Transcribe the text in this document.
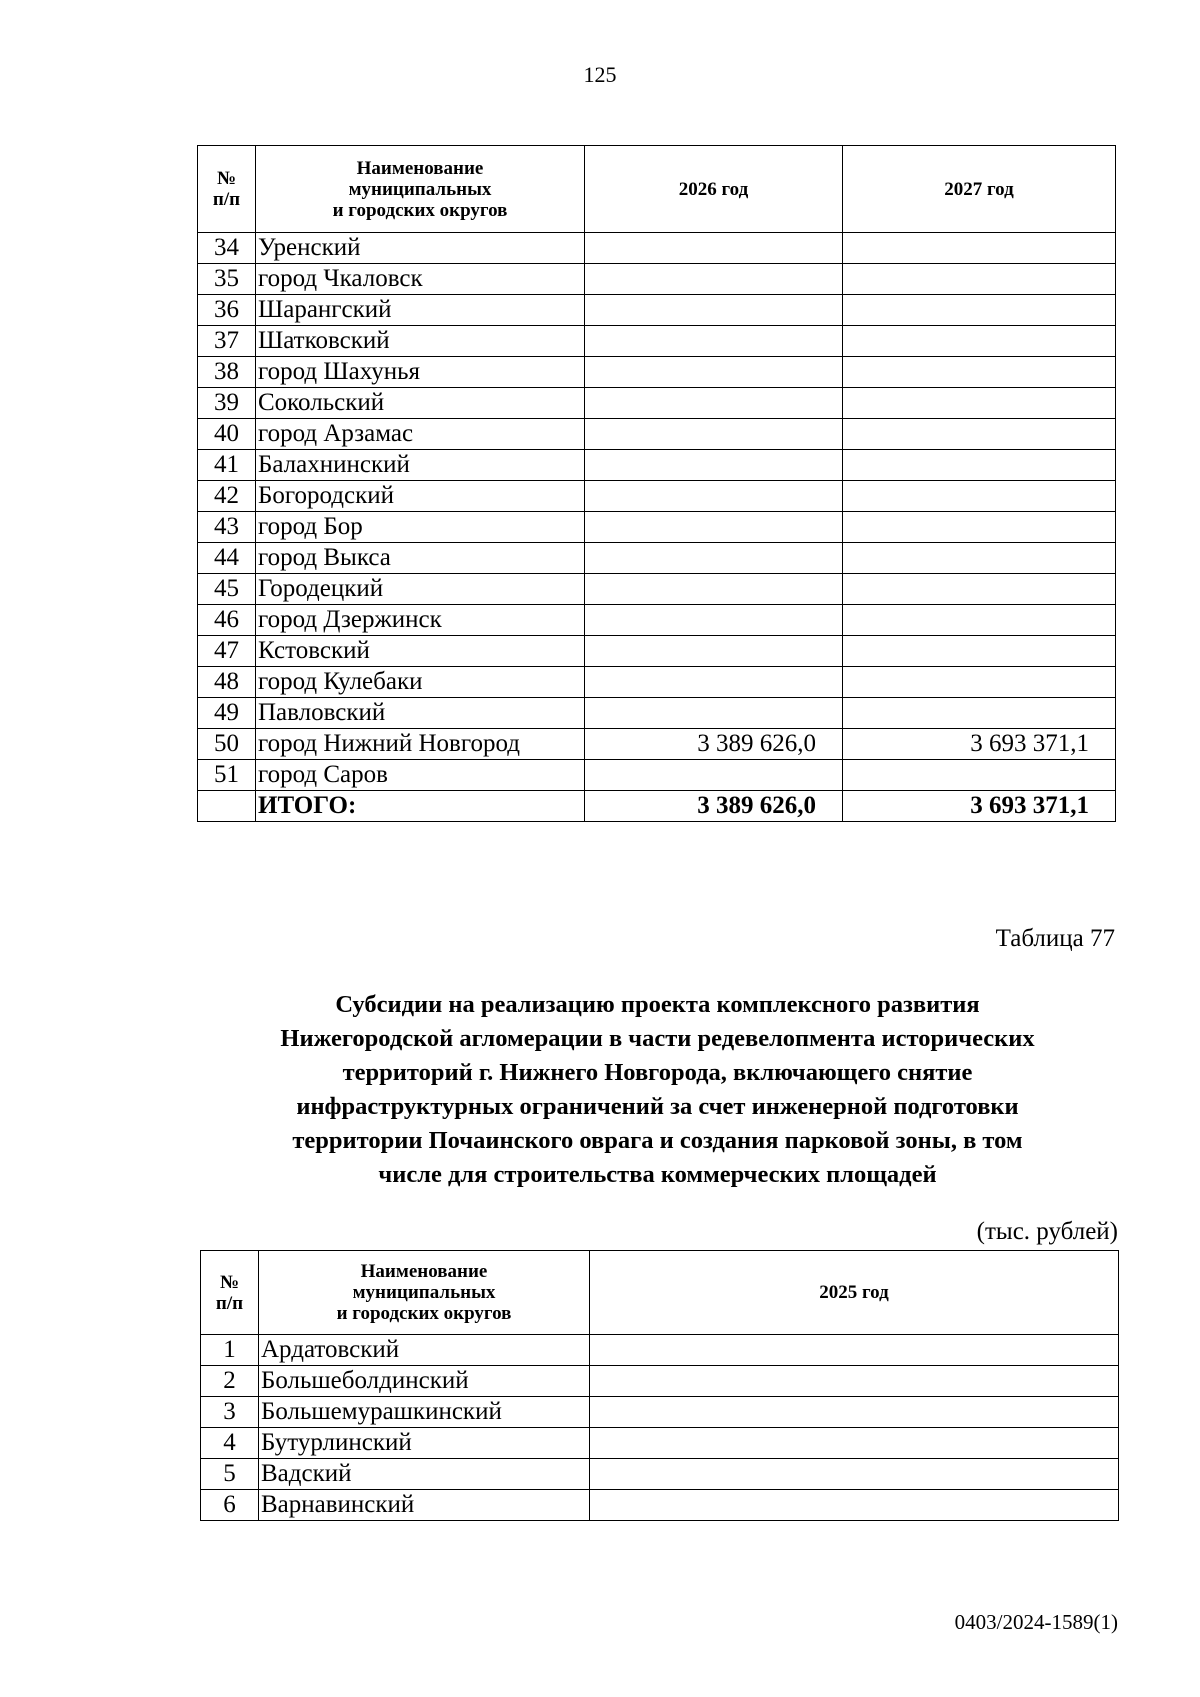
125
№
п/п	Наименование
муниципальных
и городских округов	2026 год	2027 год
34	Уренский		
35	город Чкаловск		
36	Шарангский		
37	Шатковский		
38	город Шахунья		
39	Сокольский		
40	город Арзамас		
41	Балахнинский		
42	Богородский		
43	город Бор		
44	город Выкса		
45	Городецкий		
46	город Дзержинск		
47	Кстовский		
48	город Кулебаки		
49	Павловский		
50	город Нижний Новгород	3 389 626,0	3 693 371,1
51	город Саров		
	ИТОГО:	3 389 626,0	3 693 371,1
Таблица 77
Субсидии на реализацию проекта комплексного развития
Нижегородской агломерации в части редевелопмента исторических
территорий г. Нижнего Новгорода, включающего снятие
инфраструктурных ограничений за счет инженерной подготовки
территории Почаинского оврага и создания парковой зоны, в том
числе для строительства коммерческих площадей
(тыс. рублей)
№
п/п	Наименование
муниципальных
и городских округов	2025 год
1	Ардатовский	
2	Большеболдинский	
3	Большемурашкинский	
4	Бутурлинский	
5	Вадский	
6	Варнавинский	
0403/2024-1589(1)
